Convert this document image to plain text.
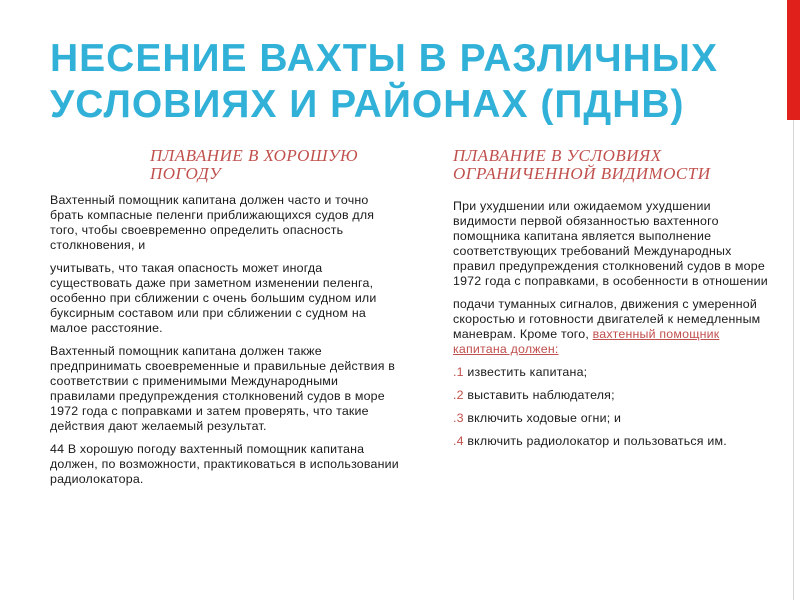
НЕСЕНИЕ ВАХТЫ В РАЗЛИЧНЫХ
УСЛОВИЯХ И РАЙОНАХ (ПДНВ)

ПЛАВАНИЕ В ХОРОШУЮ ПОГОДУ

Вахтенный помощник капитана должен часто и точно брать компасные пеленги приближающихся судов для того, чтобы своевременно определить опасность столкновения, и

учитывать, что такая опасность может иногда существовать даже при заметном изменении пеленга, особенно при сближении с очень большим судном или буксирным составом или при сближении с судном на малое расстояние.

Вахтенный помощник капитана должен также предпринимать своевременные и правильные действия в соответствии с применимыми Международными правилами предупреждения столкновений судов в море 1972 года с поправками и затем проверять, что такие действия дают желаемый результат.

44 В хорошую погоду вахтенный помощник капитана должен, по возможности, практиковаться в использовании радиолокатора.

ПЛАВАНИЕ В УСЛОВИЯХ ОГРАНИЧЕННОЙ ВИДИМОСТИ

При ухудшении или ожидаемом ухудшении видимости первой обязанностью вахтенного помощника капитана является выполнение соответствующих требований Международных правил предупреждения столкновений судов в море 1972 года с поправками, в особенности в отношении

подачи туманных сигналов, движения с умеренной скоростью и готовности двигателей к немедленным маневрам. Кроме того, вахтенный помощник капитана должен:

.1 известить капитана;

.2 выставить наблюдателя;

.3 включить ходовые огни; и

.4 включить радиолокатор и пользоваться им.
